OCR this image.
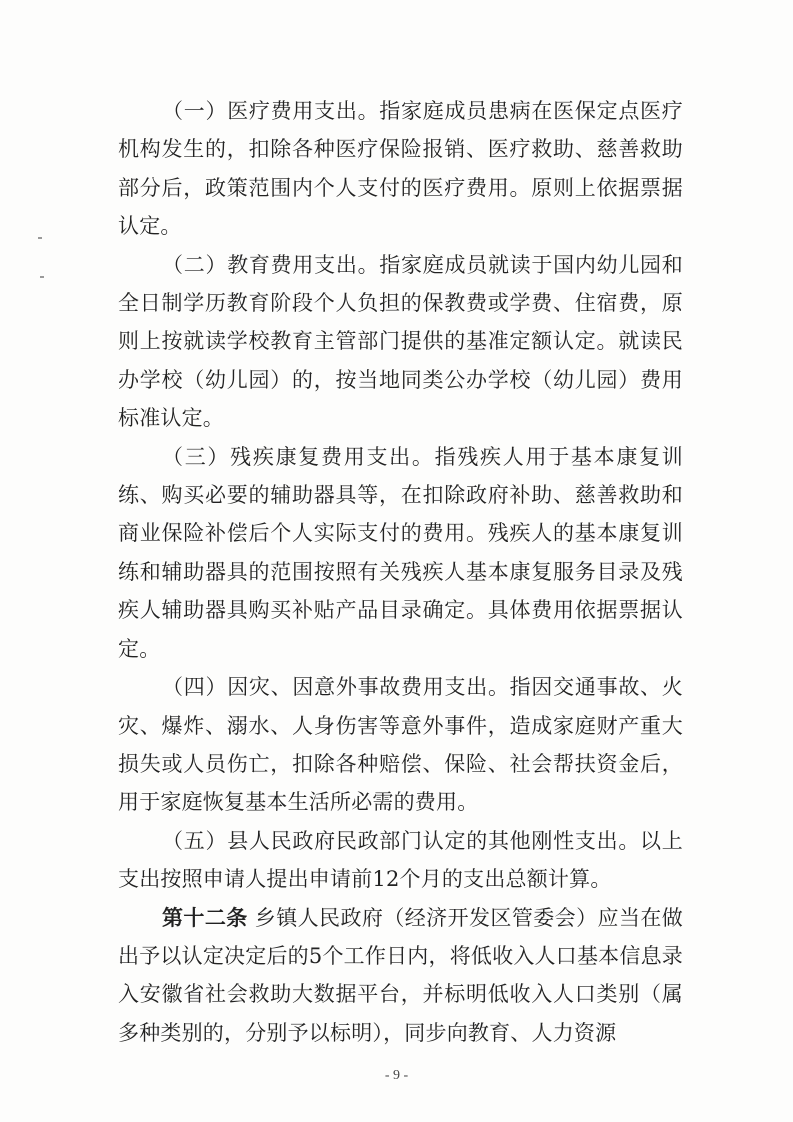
（一）医疗费用支出。指家庭成员患病在医保定点医疗机构发生的，扣除各种医疗保险报销、医疗救助、慈善救助部分后，政策范围内个人支付的医疗费用。原则上依据票据认定。

（二）教育费用支出。指家庭成员就读于国内幼儿园和全日制学历教育阶段个人负担的保教费或学费、住宿费，原则上按就读学校教育主管部门提供的基准定额认定。就读民办学校（幼儿园）的，按当地同类公办学校（幼儿园）费用标准认定。

（三）残疾康复费用支出。指残疾人用于基本康复训练、购买必要的辅助器具等，在扣除政府补助、慈善救助和商业保险补偿后个人实际支付的费用。残疾人的基本康复训练和辅助器具的范围按照有关残疾人基本康复服务目录及残疾人辅助器具购买补贴产品目录确定。具体费用依据票据认定。

（四）因灾、因意外事故费用支出。指因交通事故、火灾、爆炸、溺水、人身伤害等意外事件，造成家庭财产重大损失或人员伤亡，扣除各种赔偿、保险、社会帮扶资金后，用于家庭恢复基本生活所必需的费用。

（五）县人民政府民政部门认定的其他刚性支出。以上支出按照申请人提出申请前12个月的支出总额计算。

第十二条 乡镇人民政府（经济开发区管委会）应当在做出予以认定决定后的5个工作日内，将低收入人口基本信息录入安徽省社会救助大数据平台，并标明低收入人口类别（属多种类别的，分别予以标明），同步向教育、人力资源

- 9 -
